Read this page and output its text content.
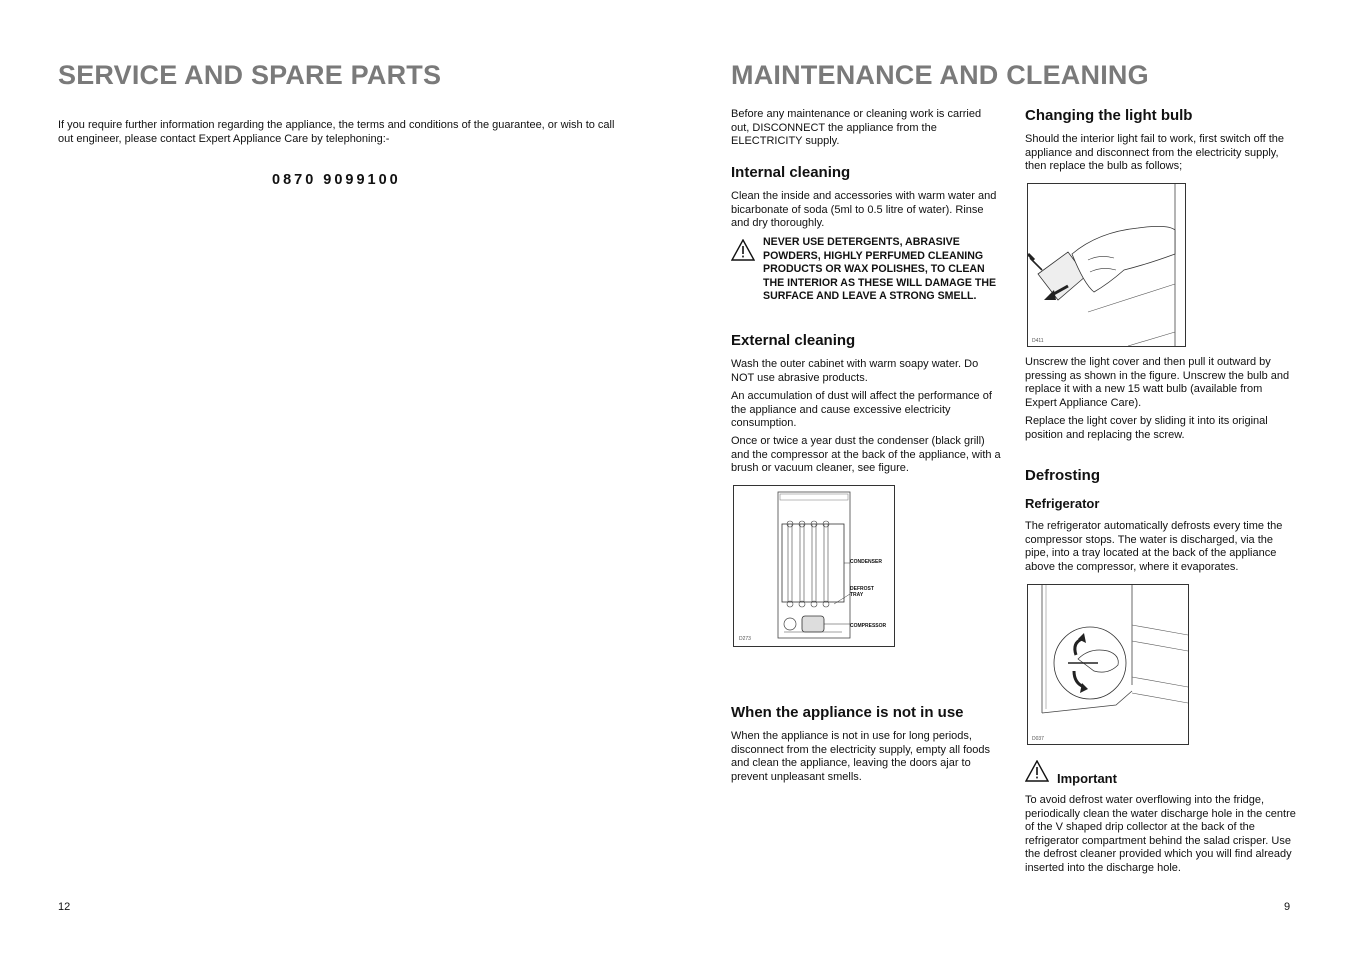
SERVICE AND SPARE PARTS
If you require further information regarding the appliance, the terms and conditions of the guarantee, or wish to call out engineer, please contact Expert Appliance Care by telephoning:-
0870 9099100
12
MAINTENANCE AND CLEANING
Before any maintenance or cleaning work is carried out, DISCONNECT the appliance from the ELECTRICITY supply.
Internal cleaning
Clean the inside and accessories with warm water and bicarbonate of soda (5ml to 0.5 litre of water). Rinse and dry thoroughly.
NEVER USE DETERGENTS, ABRASIVE POWDERS, HIGHLY PERFUMED CLEANING PRODUCTS OR WAX POLISHES, TO CLEAN THE INTERIOR AS THESE WILL DAMAGE THE SURFACE AND LEAVE A STRONG SMELL.
External cleaning
Wash the outer cabinet with warm soapy water. Do NOT use abrasive products.
An accumulation of dust will affect the performance of the appliance and cause excessive electricity consumption.
Once or twice a year dust the condenser (black grill) and the compressor at the back of the appliance, with a brush or vacuum cleaner, see figure.
CONDENSER
DEFROST
TRAY
COMPRESSOR
D273
When the appliance is not in use
When the appliance is not in use for long periods, disconnect from the electricity supply, empty all foods and clean the appliance, leaving the doors ajar to prevent unpleasant smells.
Changing the light bulb
Should the interior light fail to work, first switch off the appliance and disconnect from the electricity supply, then replace the bulb as follows;
D411
Unscrew the light cover and then pull it outward by pressing as shown in the figure. Unscrew the bulb and replace it with a new 15 watt bulb (available from Expert Appliance Care).
Replace the light cover by sliding it into its original position and replacing the screw.
Defrosting
Refrigerator
The refrigerator automatically defrosts every time the compressor stops. The water is discharged, via the pipe, into a tray located at the back of the appliance above the compressor, where it evaporates.
D037
Important
To avoid defrost water overflowing into the fridge, periodically clean the water discharge hole in the centre of the V shaped drip collector at the back of the refrigerator compartment behind the salad crisper. Use the defrost cleaner provided which you will find already inserted into the discharge hole.
9
